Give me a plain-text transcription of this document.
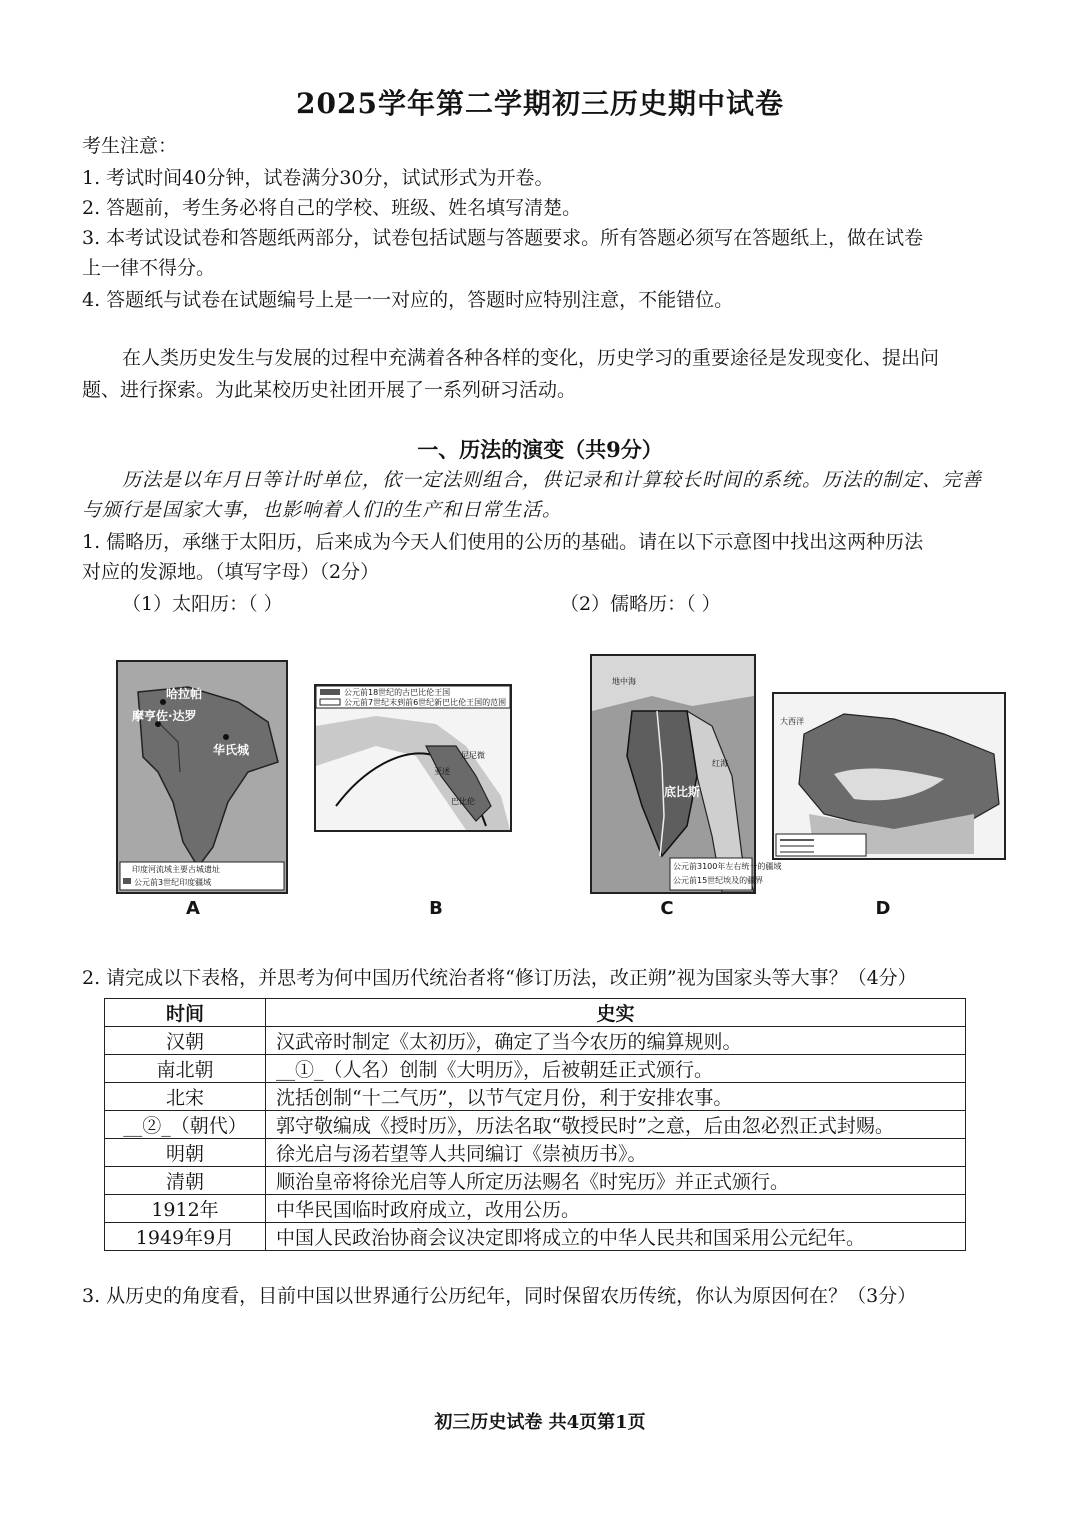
2025学年第二学期初三历史期中试卷
考生注意：
1. 考试时间40分钟，试卷满分30分，试试形式为开卷。
2. 答题前，考生务必将自己的学校、班级、姓名填写清楚。
3. 本考试设试卷和答题纸两部分，试卷包括试题与答题要求。所有答题必须写在答题纸上，做在试卷
上一律不得分。
4. 答题纸与试卷在试题编号上是一一对应的，答题时应特别注意，不能错位。
在人类历史发生与发展的过程中充满着各种各样的变化，历史学习的重要途径是发现变化、提出问
题、进行探索。为此某校历史社团开展了一系列研习活动。
一、历法的演变（共9分）
历法是以年月日等计时单位，依一定法则组合，供记录和计算较长时间的系统。历法的制定、完善
与颁行是国家大事，也影响着人们的生产和日常生活。
1. 儒略历，承继于太阳历，后来成为今天人们使用的公历的基础。请在以下示意图中找出这两种历法
对应的发源地。（填写字母）（2分）
（1）太阳历：（ ）	（2）儒略历：（ ）
哈拉帕
摩亨佐·达罗
华氏城
印度河流域主要古城遗址
公元前3世纪印度疆域
A
公元前18世纪的古巴比伦王国
公元前7世纪末到前6世纪新巴比伦王国的范围
尼尼微
亚述
巴比伦
B
地中海
红海
底比斯
公元前3100年左右统一的疆域
公元前15世纪埃及的疆界
C
大西洋
D
2. 请完成以下表格，并思考为何中国历代统治者将“修订历法，改正朔”视为国家头等大事？（4分）
时间	史实
汉朝	汉武帝时制定《太初历》，确定了当今农历的编算规则。
南北朝	__①_（人名）创制《大明历》，后被朝廷正式颁行。
北宋	沈括创制“十二气历”，以节气定月份，利于安排农事。
__②_（朝代）	郭守敬编成《授时历》，历法名取“敬授民时”之意，后由忽必烈正式封赐。
明朝	徐光启与汤若望等人共同编订《崇祯历书》。
清朝	顺治皇帝将徐光启等人所定历法赐名《时宪历》并正式颁行。
1912年	中华民国临时政府成立，改用公历。
1949年9月	中国人民政治协商会议决定即将成立的中华人民共和国采用公元纪年。
3. 从历史的角度看，目前中国以世界通行公历纪年，同时保留农历传统，你认为原因何在？（3分）
初三历史试卷 共4页第1页
